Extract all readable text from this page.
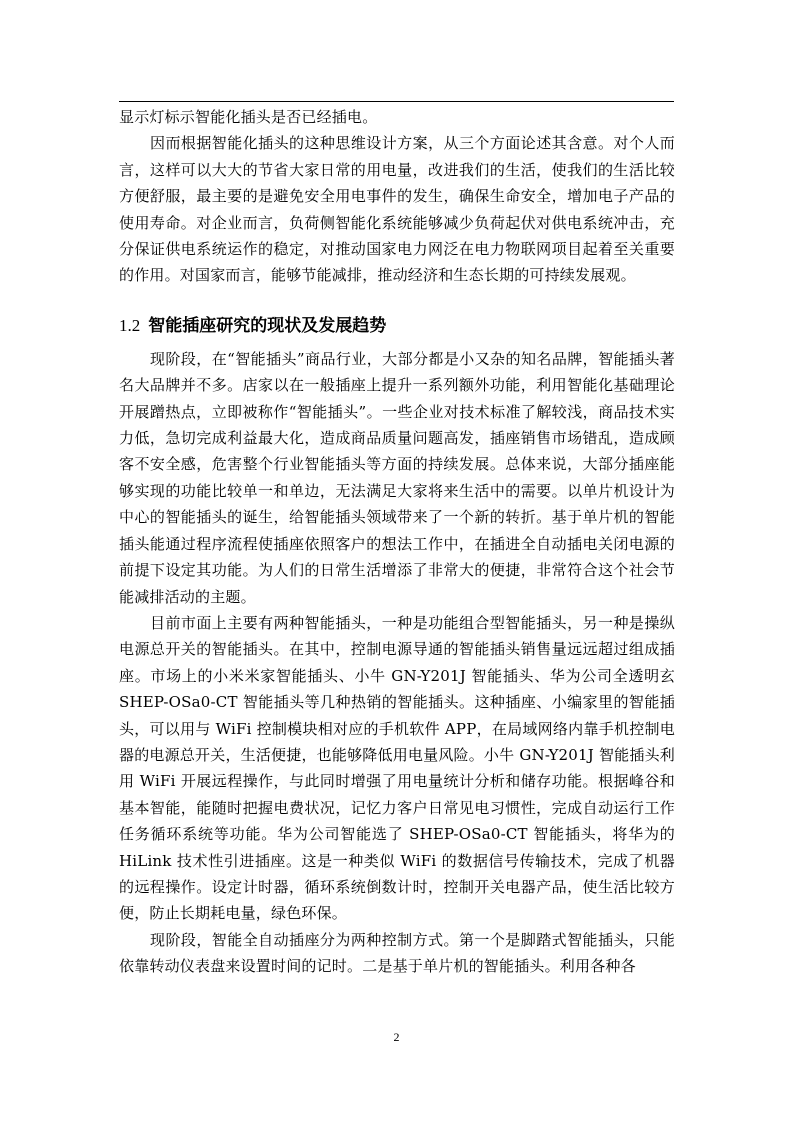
显示灯标示智能化插头是否已经插电。

因而根据智能化插头的这种思维设计方案，从三个方面论述其含意。对个人而言，这样可以大大的节省大家日常的用电量，改进我们的生活，使我们的生活比较方便舒服，最主要的是避免安全用电事件的发生，确保生命安全，增加电子产品的使用寿命。对企业而言，负荷侧智能化系统能够减少负荷起伏对供电系统冲击，充分保证供电系统运作的稳定，对推动国家电力网泛在电力物联网项目起着至关重要的作用。对国家而言，能够节能减排，推动经济和生态长期的可持续发展观。

1.2 智能插座研究的现状及发展趋势

现阶段，在“智能插头”商品行业，大部分都是小又杂的知名品牌，智能插头著名大品牌并不多。店家以在一般插座上提升一系列额外功能，利用智能化基础理论开展蹭热点，立即被称作“智能插头”。一些企业对技术标准了解较浅，商品技术实力低，急切完成利益最大化，造成商品质量问题高发，插座销售市场错乱，造成顾客不安全感，危害整个行业智能插头等方面的持续发展。总体来说，大部分插座能够实现的功能比较单一和单边，无法满足大家将来生活中的需要。以单片机设计为中心的智能插头的诞生，给智能插头领域带来了一个新的转折。基于单片机的智能插头能通过程序流程使插座依照客户的想法工作中，在插进全自动插电关闭电源的前提下设定其功能。为人们的日常生活增添了非常大的便捷，非常符合这个社会节能减排活动的主题。

目前市面上主要有两种智能插头，一种是功能组合型智能插头，另一种是操纵电源总开关的智能插头。在其中，控制电源导通的智能插头销售量远远超过组成插座。市场上的小米米家智能插头、小牛 GN-Y201J 智能插头、华为公司全透明玄 SHEP-OSa0-CT 智能插头等几种热销的智能插头。这种插座、小编家里的智能插头，可以用与 WiFi 控制模块相对应的手机软件 APP，在局域网络内靠手机控制电器的电源总开关，生活便捷，也能够降低用电量风险。小牛 GN-Y201J 智能插头利用 WiFi 开展远程操作，与此同时增强了用电量统计分析和储存功能。根据峰谷和基本智能，能随时把握电费状况，记忆力客户日常见电习惯性，完成自动运行工作任务循环系统等功能。华为公司智能选了 SHEP-OSa0-CT 智能插头，将华为的 HiLink 技术性引进插座。这是一种类似 WiFi 的数据信号传输技术，完成了机器的远程操作。设定计时器，循环系统倒数计时，控制开关电器产品，使生活比较方便，防止长期耗电量，绿色环保。

现阶段，智能全自动插座分为两种控制方式。第一个是脚踏式智能插头，只能依靠转动仪表盘来设置时间的记时。二是基于单片机的智能插头。利用各种各

2
